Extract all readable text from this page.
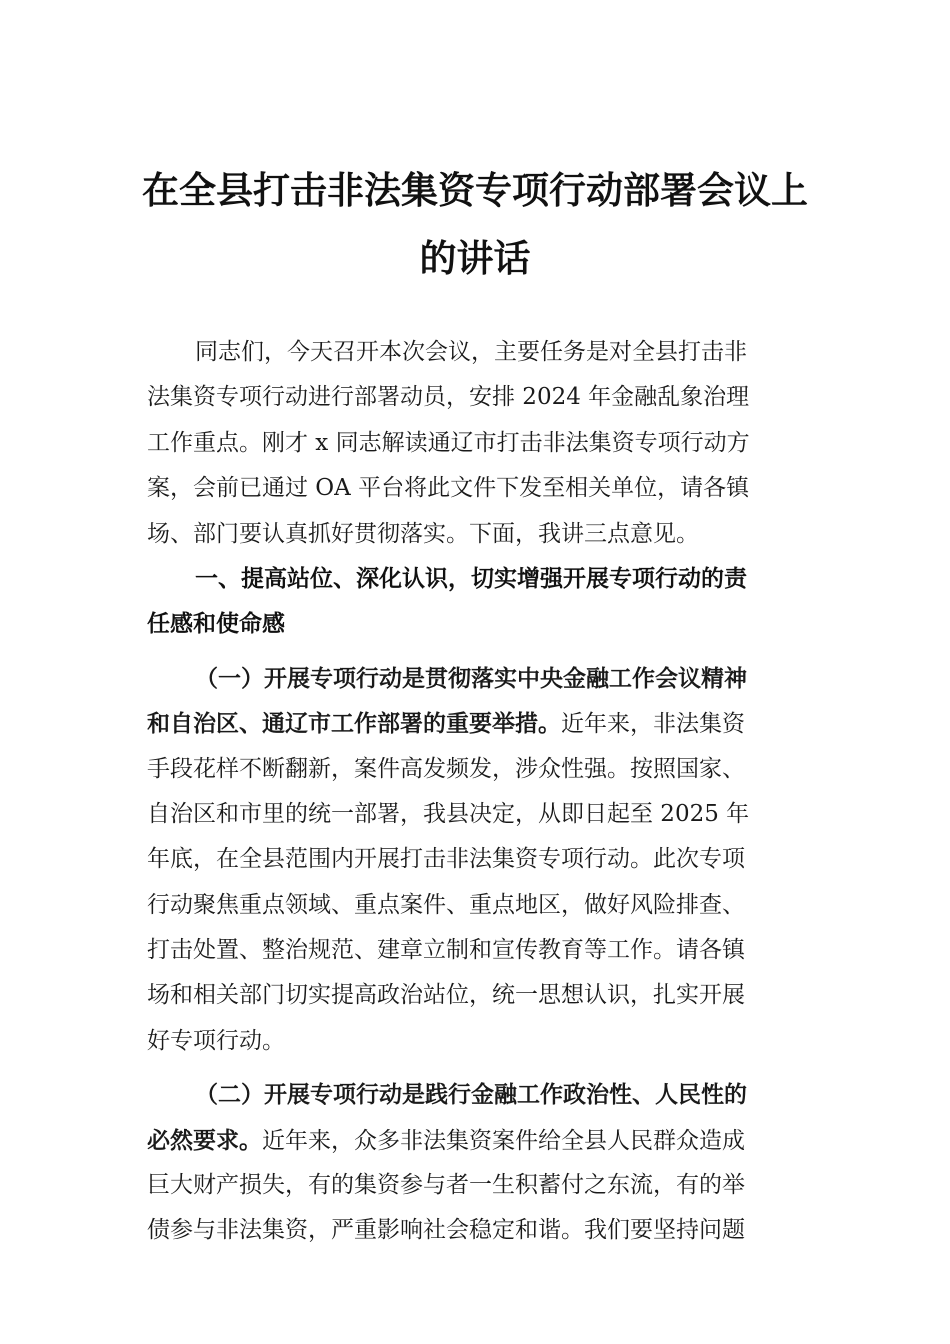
在全县打击非法集资专项行动部署会议上
的讲话
同志们，今天召开本次会议，主要任务是对全县打击非
法集资专项行动进行部署动员，安排 2024 年金融乱象治理
工作重点。刚才 x 同志解读通辽市打击非法集资专项行动方
案，会前已通过 OA 平台将此文件下发至相关单位，请各镇
场、部门要认真抓好贯彻落实。下面，我讲三点意见。
一、提高站位、深化认识，切实增强开展专项行动的责
任感和使命感
（一）开展专项行动是贯彻落实中央金融工作会议精神
和自治区、通辽市工作部署的重要举措。近年来，非法集资
手段花样不断翻新，案件高发频发，涉众性强。按照国家、
自治区和市里的统一部署，我县决定，从即日起至 2025 年
年底，在全县范围内开展打击非法集资专项行动。此次专项
行动聚焦重点领域、重点案件、重点地区，做好风险排查、
打击处置、整治规范、建章立制和宣传教育等工作。请各镇
场和相关部门切实提高政治站位，统一思想认识，扎实开展
好专项行动。
（二）开展专项行动是践行金融工作政治性、人民性的
必然要求。近年来，众多非法集资案件给全县人民群众造成
巨大财产损失，有的集资参与者一生积蓄付之东流，有的举
债参与非法集资，严重影响社会稳定和谐。我们要坚持问题
